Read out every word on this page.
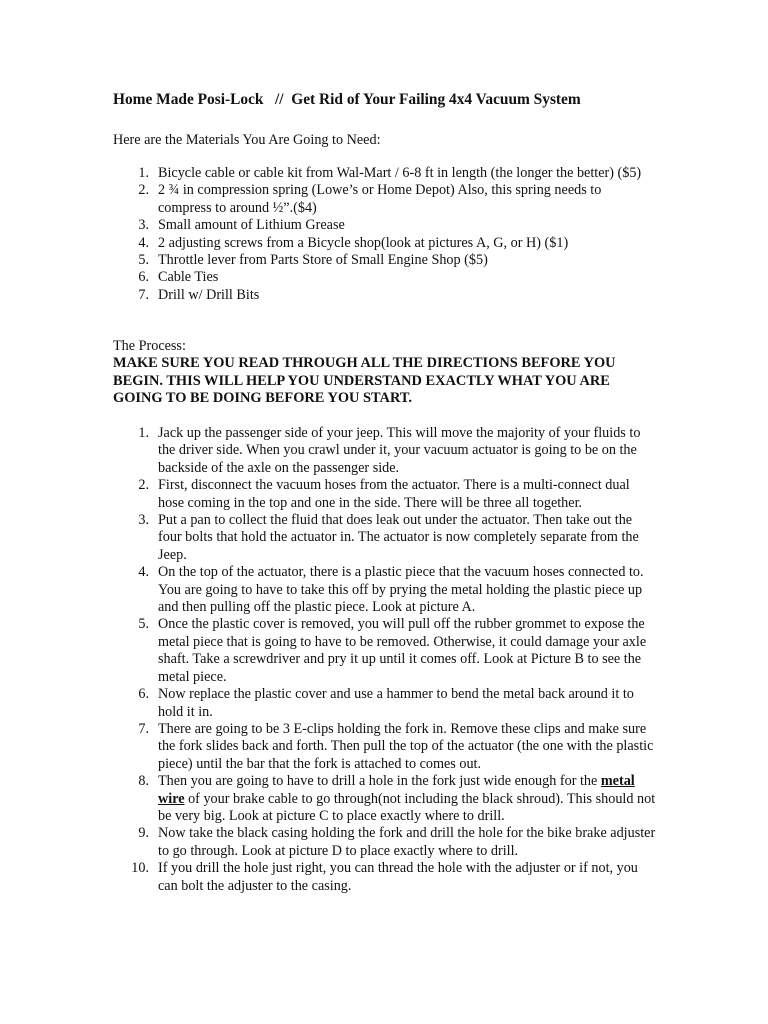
Home Made Posi-Lock   //  Get Rid of Your Failing 4x4 Vacuum System

Here are the Materials You Are Going to Need:

1. Bicycle cable or cable kit from Wal-Mart / 6-8 ft in length (the longer the better) ($5)
2. 2 ¾ in compression spring (Lowe’s or Home Depot) Also, this spring needs to compress to around ½”.($4)
3. Small amount of Lithium Grease
4. 2 adjusting screws from a Bicycle shop(look at pictures A, G, or H) ($1)
5. Throttle lever from Parts Store of Small Engine Shop ($5)
6. Cable Ties
7. Drill w/ Drill Bits

The Process:

MAKE SURE YOU READ THROUGH ALL THE DIRECTIONS BEFORE YOU BEGIN. THIS WILL HELP YOU UNDERSTAND EXACTLY WHAT YOU ARE GOING TO BE DOING BEFORE YOU START.

1. Jack up the passenger side of your jeep. This will move the majority of your fluids to the driver side. When you crawl under it, your vacuum actuator is going to be on the backside of the axle on the passenger side.
2. First, disconnect the vacuum hoses from the actuator. There is a multi-connect dual hose coming in the top and one in the side. There will be three all together.
3. Put a pan to collect the fluid that does leak out under the actuator. Then take out the four bolts that hold the actuator in. The actuator is now completely separate from the Jeep.
4. On the top of the actuator, there is a plastic piece that the vacuum hoses connected to. You are going to have to take this off by prying the metal holding the plastic piece up and then pulling off the plastic piece. Look at picture A.
5. Once the plastic cover is removed, you will pull off the rubber grommet to expose the metal piece that is going to have to be removed. Otherwise, it could damage your axle shaft. Take a screwdriver and pry it up until it comes off. Look at Picture B to see the metal piece.
6. Now replace the plastic cover and use a hammer to bend the metal back around it to hold it in.
7. There are going to be 3 E-clips holding the fork in. Remove these clips and make sure the fork slides back and forth. Then pull the top of the actuator (the one with the plastic piece) until the bar that the fork is attached to comes out.
8. Then you are going to have to drill a hole in the fork just wide enough for the metal wire of your brake cable to go through(not including the black shroud). This should not be very big. Look at picture C to place exactly where to drill.
9. Now take the black casing holding the fork and drill the hole for the bike brake adjuster to go through. Look at picture D to place exactly where to drill.
10. If you drill the hole just right, you can thread the hole with the adjuster or if not, you can bolt the adjuster to the casing.
